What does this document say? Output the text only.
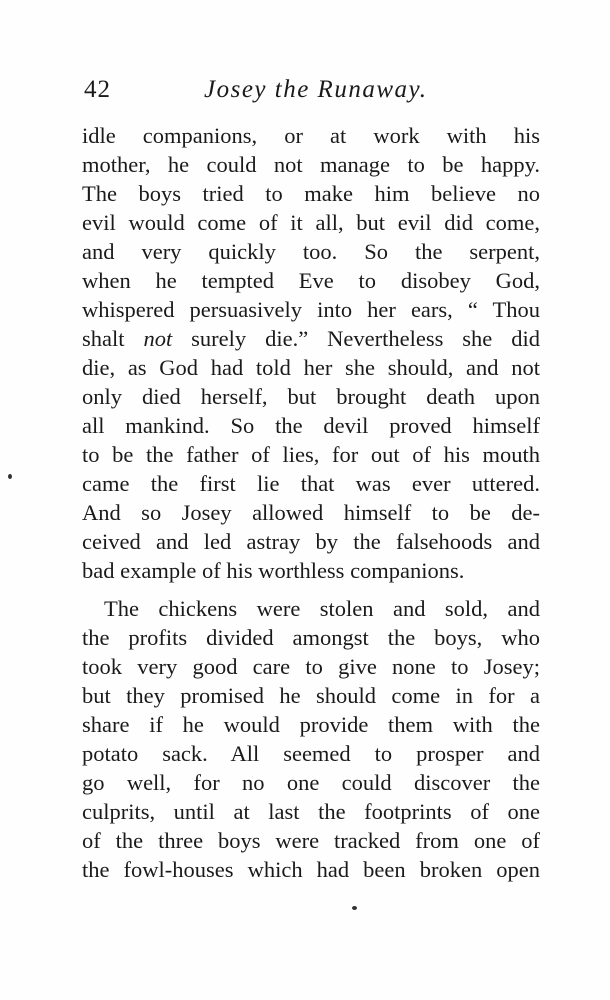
42	Josey the Runaway.
idle companions, or at work with his
mother, he could not manage to be happy.
The boys tried to make him believe no
evil would come of it all, but evil did come,
and very quickly too. So the serpent,
when he tempted Eve to disobey God,
whispered persuasively into her ears, “ Thou
shalt not surely die.” Nevertheless she did
die, as God had told her she should, and not
only died herself, but brought death upon
all mankind. So the devil proved himself
to be the father of lies, for out of his mouth
came the first lie that was ever uttered.
And so Josey allowed himself to be de-
ceived and led astray by the falsehoods and
bad example of his worthless companions.
The chickens were stolen and sold, and
the profits divided amongst the boys, who
took very good care to give none to Josey;
but they promised he should come in for a
share if he would provide them with the
potato sack. All seemed to prosper and
go well, for no one could discover the
culprits, until at last the footprints of one
of the three boys were tracked from one of
the fowl-houses which had been broken open
